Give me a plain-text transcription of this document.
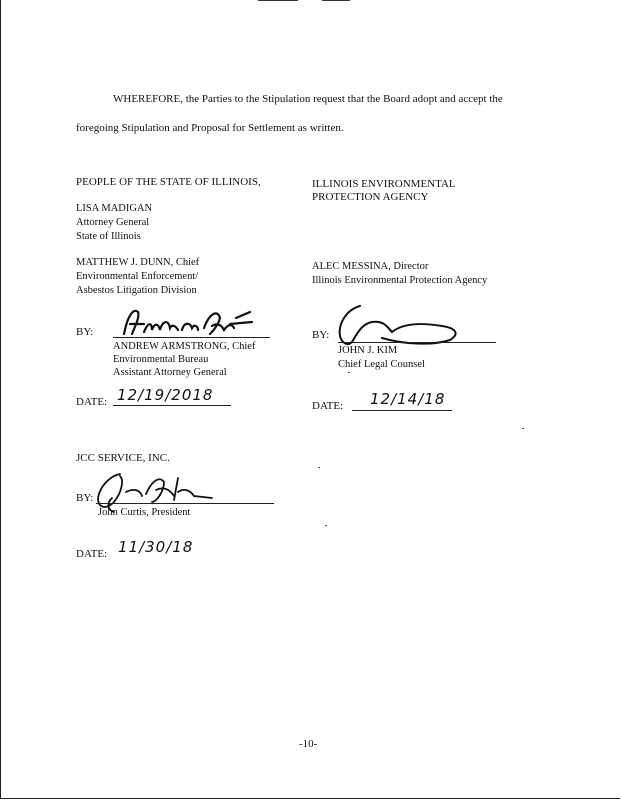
WHEREFORE, the Parties to the Stipulation request that the Board adopt and accept the
foregoing Stipulation and Proposal for Settlement as written.
PEOPLE OF THE STATE OF ILLINOIS,
LISA MADIGAN
Attorney General
State of Illinois
MATTHEW J. DUNN, Chief
Environmental Enforcement/
Asbestos Litigation Division
BY:
ANDREW ARMSTRONG, Chief
Environmental Bureau
Assistant Attorney General
DATE: 12/19/2018
ILLINOIS ENVIRONMENTAL
PROTECTION AGENCY
ALEC MESSINA, Director
Illinois Environmental Protection Agency
BY:
JOHN J. KIM
Chief Legal Counsel
DATE: 12/14/18
JCC SERVICE, INC.
BY:
John Curtis, President
DATE: 11/30/18
-10-
